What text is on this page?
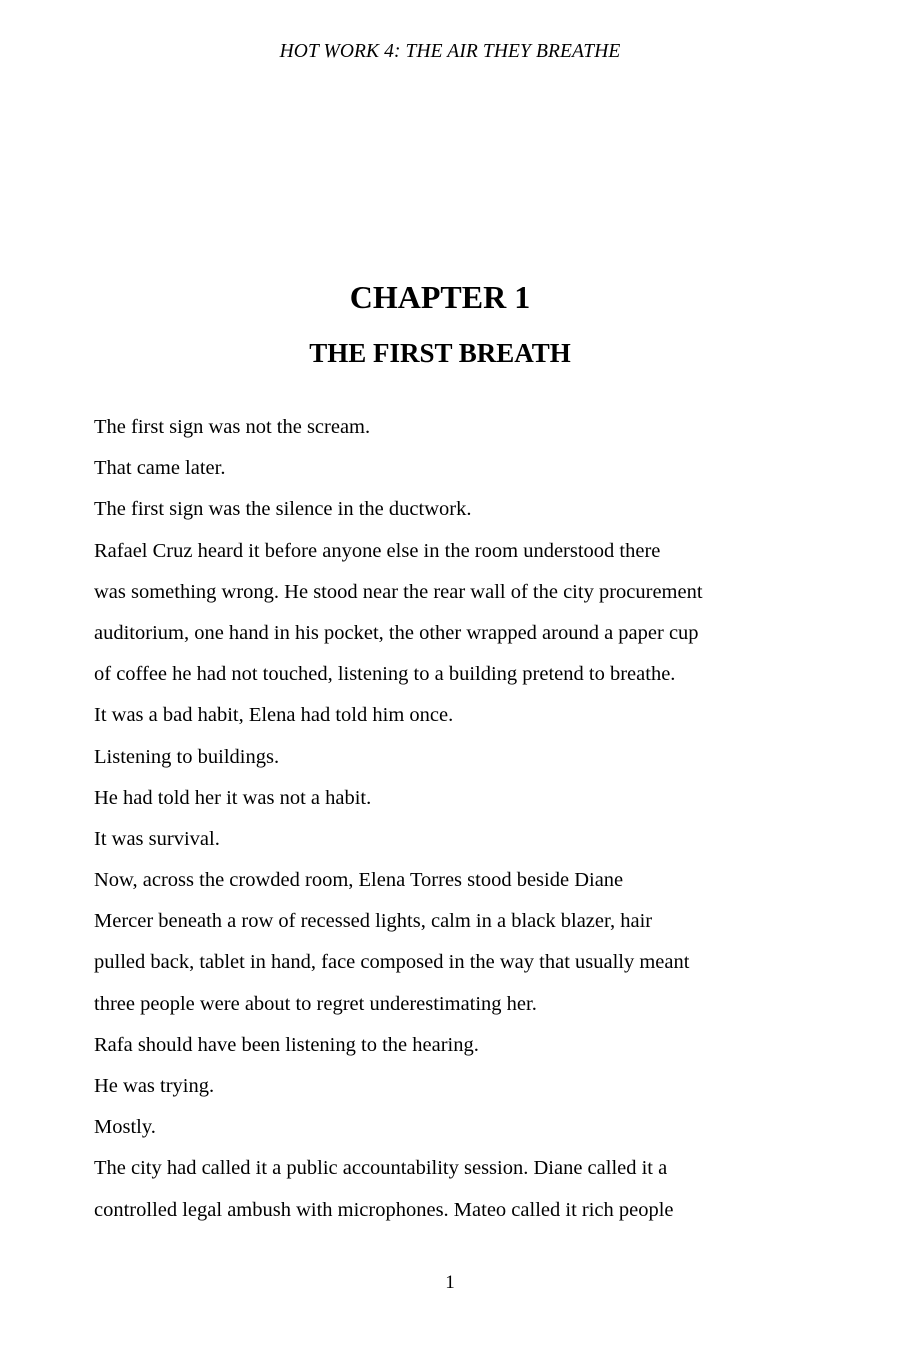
HOT WORK 4: THE AIR THEY BREATHE
CHAPTER 1
THE FIRST BREATH
The first sign was not the scream.
That came later.
The first sign was the silence in the ductwork.
Rafael Cruz heard it before anyone else in the room understood there
was something wrong. He stood near the rear wall of the city procurement
auditorium, one hand in his pocket, the other wrapped around a paper cup
of coffee he had not touched, listening to a building pretend to breathe.
It was a bad habit, Elena had told him once.
Listening to buildings.
He had told her it was not a habit.
It was survival.
Now, across the crowded room, Elena Torres stood beside Diane
Mercer beneath a row of recessed lights, calm in a black blazer, hair
pulled back, tablet in hand, face composed in the way that usually meant
three people were about to regret underestimating her.
Rafa should have been listening to the hearing.
He was trying.
Mostly.
The city had called it a public accountability session. Diane called it a
controlled legal ambush with microphones. Mateo called it rich people
1
